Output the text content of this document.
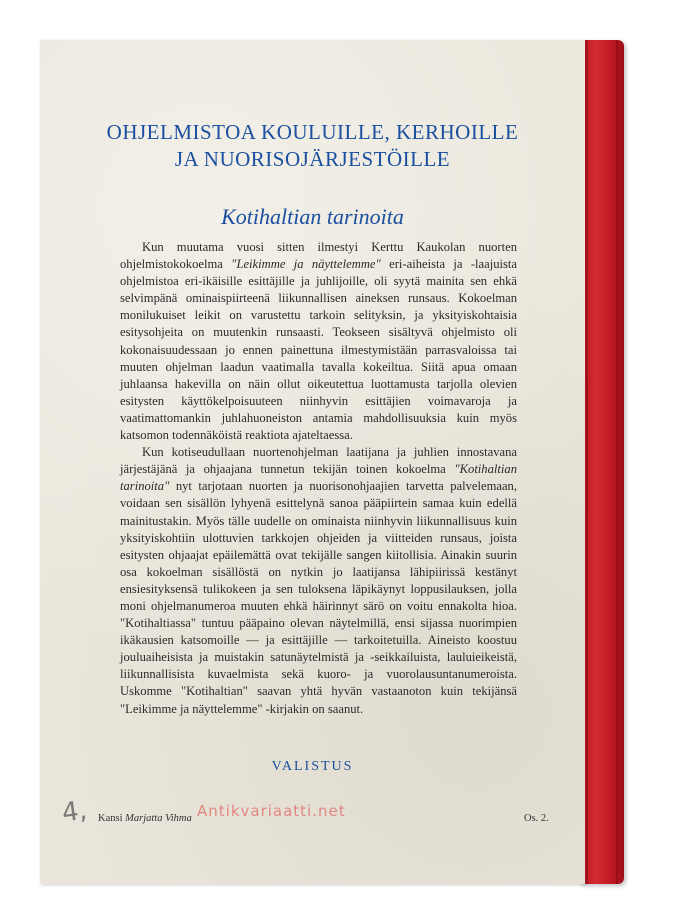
OHJELMISTOA KOULUILLE, KERHOILLE
JA NUORISOJÄRJESTÖILLE
Kotihaltian tarinoita

Kun muutama vuosi sitten ilmestyi Kerttu Kaukolan nuorten ohjelmistokokoelma "Leikimme ja näyttelemme" eri-aiheista ja -laajuista ohjelmistoa eri-ikäisille esittäjille ja juhlijoille, oli syytä mainita sen ehkä selvimpänä ominaispiirteenä liikunnallisen aineksen runsaus. Kokoelman monilukuiset leikit on varustettu tarkoin selityksin, ja yksityiskohtaisia esitysohjeita on muutenkin runsaasti. Teokseen sisältyvä ohjelmisto oli kokonaisuudessaan jo ennen painettuna ilmestymistään parrasvaloissa tai muuten ohjelman laadun vaatimalla tavalla kokeiltua. Siitä apua omaan juhlaansa hakevilla on näin ollut oikeutettua luottamusta tarjolla olevien esitysten käyttökelpoisuuteen niinhyvin esittäjien voimavaroja ja vaatimattomankin juhlahuoneiston antamia mahdollisuuksia kuin myös katsomon todennäköistä reaktiota ajateltaessa.

Kun kotiseudullaan nuortenohjelman laatijana ja juhlien innostavana järjestäjänä ja ohjaajana tunnetun tekijän toinen kokoelma "Kotihaltian tarinoita" nyt tarjotaan nuorten ja nuorisonohjaajien tarvetta palvelemaan, voidaan sen sisällön lyhyenä esittelynä sanoa pääpiirtein samaa kuin edellä mainitustakin. Myös tälle uudelle on ominaista niinhyvin liikunnallisuus kuin yksityiskohtiin ulottuvien tarkkojen ohjeiden ja viitteiden runsaus, joista esitysten ohjaajat epäilemättä ovat tekijälle sangen kiitollisia. Ainakin suurin osa kokoelman sisällöstä on nytkin jo laatijansa lähipiirissä kestänyt ensiesityksensä tulikokeen ja sen tuloksena läpikäynyt loppusilauksen, jolla moni ohjelmanumeroa muuten ehkä häirinnyt särö on voitu ennakolta hioa. "Kotihaltiassa" tuntuu pääpaino olevan näytelmillä, ensi sijassa nuorimpien ikäkausien katsomoille — ja esittäjille — tarkoitetuilla. Aineisto koostuu jouluaiheisista ja muistakin satunäytelmistä ja -seikkailuista, lauluieikeistä, liikunnallisista kuvaelmista sekä kuoro- ja vuorolausuntanumeroista. Uskomme "Kotihaltian" saavan yhtä hyvän vastaanoton kuin tekijänsä "Leikimme ja näyttelemme" -kirjakin on saanut.

VALISTUS
Kansi Marjatta Vihma	Os. 2.
4,	Antikvariaatti.net
